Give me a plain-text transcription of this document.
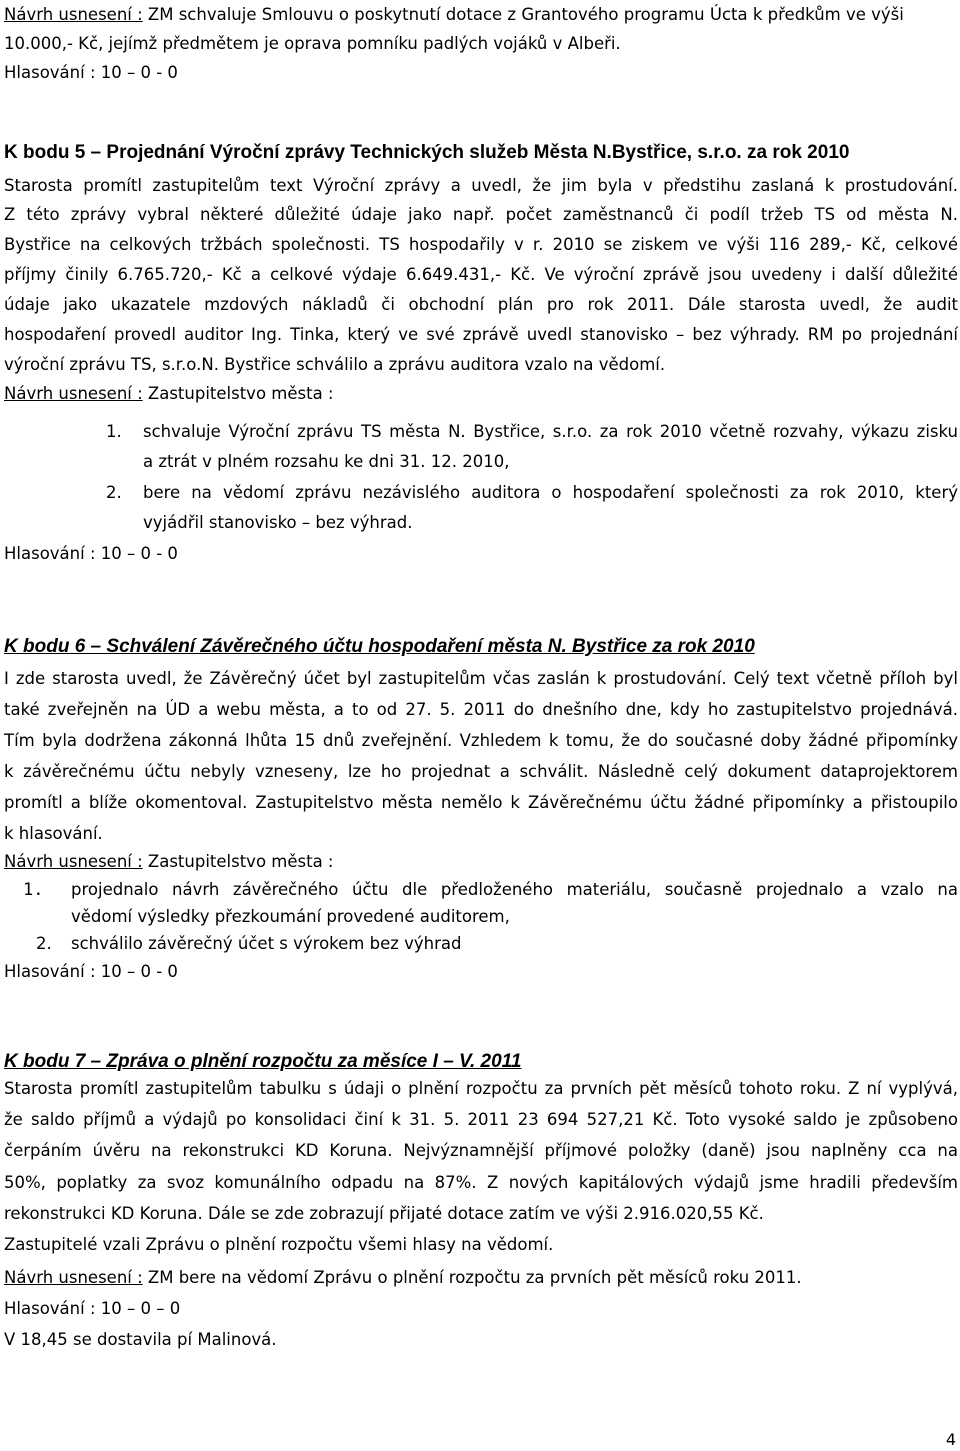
Návrh usnesení : ZM schvaluje Smlouvu o poskytnutí dotace z Grantového programu Úcta k předkům ve výši
10.000,- Kč, jejímž předmětem je oprava pomníku padlých vojáků v Albeři.
Hlasování : 10 – 0 - 0
K bodu 5 – Projednání Výroční zprávy Technických služeb Města N.Bystřice, s.r.o. za rok 2010
Starosta promítl zastupitelům text Výroční zprávy a uvedl, že jim byla v předstihu zaslaná k prostudování.
Z této zprávy vybral některé důležité údaje jako např. počet zaměstnanců či podíl tržeb TS od města N.
Bystřice na celkových tržbách společnosti. TS hospodařily v r. 2010 se ziskem ve výši 116 289,- Kč, celkové
příjmy činily 6.765.720,- Kč a celkové výdaje 6.649.431,- Kč. Ve výroční zprávě jsou uvedeny i další důležité
údaje jako ukazatele mzdových nákladů či obchodní plán pro rok 2011. Dále starosta uvedl, že audit
hospodaření provedl auditor Ing. Tinka, který ve své zprávě uvedl stanovisko – bez výhrady. RM po projednání
výroční zprávu TS, s.r.o.N. Bystřice schválilo a zprávu auditora vzalo na vědomí.
Návrh usnesení : Zastupitelstvo města :
1. schvaluje Výroční zprávu TS města N. Bystřice, s.r.o. za rok 2010 včetně rozvahy, výkazu zisku
a ztrát v plném rozsahu ke dni 31. 12. 2010,
2. bere na vědomí zprávu nezávislého auditora o hospodaření společnosti za rok 2010, který
vyjádřil stanovisko – bez výhrad.
Hlasování : 10 – 0 - 0
K bodu 6 – Schválení Závěrečného účtu hospodaření města N. Bystřice za rok 2010
I zde starosta uvedl, že Závěrečný účet byl zastupitelům včas zaslán k prostudování. Celý text včetně příloh byl
také zveřejněn na ÚD a webu města, a to od 27. 5. 2011 do dnešního dne, kdy ho zastupitelstvo projednává.
Tím byla dodržena zákonná lhůta 15 dnů zveřejnění. Vzhledem k tomu, že do současné doby žádné připomínky
k závěrečnému účtu nebyly vzneseny, lze ho projednat a schválit. Následně celý dokument dataprojektorem
promítl a blíže okomentoval. Zastupitelstvo města nemělo k Závěrečnému účtu žádné připomínky a přistoupilo
k hlasování.
Návrh usnesení : Zastupitelstvo města :
1. projednalo návrh závěrečného účtu dle předloženého materiálu, současně projednalo a vzalo na
vědomí výsledky přezkoumání provedené auditorem,
2. schválilo závěrečný účet s výrokem bez výhrad
Hlasování : 10 – 0 - 0
K bodu 7 – Zpráva o plnění rozpočtu za měsíce I – V. 2011
Starosta promítl zastupitelům tabulku s údaji o plnění rozpočtu za prvních pět měsíců tohoto roku. Z ní vyplývá,
že saldo příjmů a výdajů po konsolidaci činí k 31. 5. 2011 23 694 527,21 Kč. Toto vysoké saldo je způsobeno
čerpáním úvěru na rekonstrukci KD Koruna. Nejvýznamnější příjmové položky (daně) jsou naplněny cca na
50%, poplatky za svoz komunálního odpadu na 87%. Z nových kapitálových výdajů jsme hradili především
rekonstrukci KD Koruna. Dále se zde zobrazují přijaté dotace zatím ve výši 2.916.020,55 Kč.
Zastupitelé vzali Zprávu o plnění rozpočtu všemi hlasy na vědomí.
Návrh usnesení : ZM bere na vědomí Zprávu o plnění rozpočtu za prvních pět měsíců roku 2011.
Hlasování : 10 – 0 – 0
V 18,45 se dostavila pí Malinová.
4
